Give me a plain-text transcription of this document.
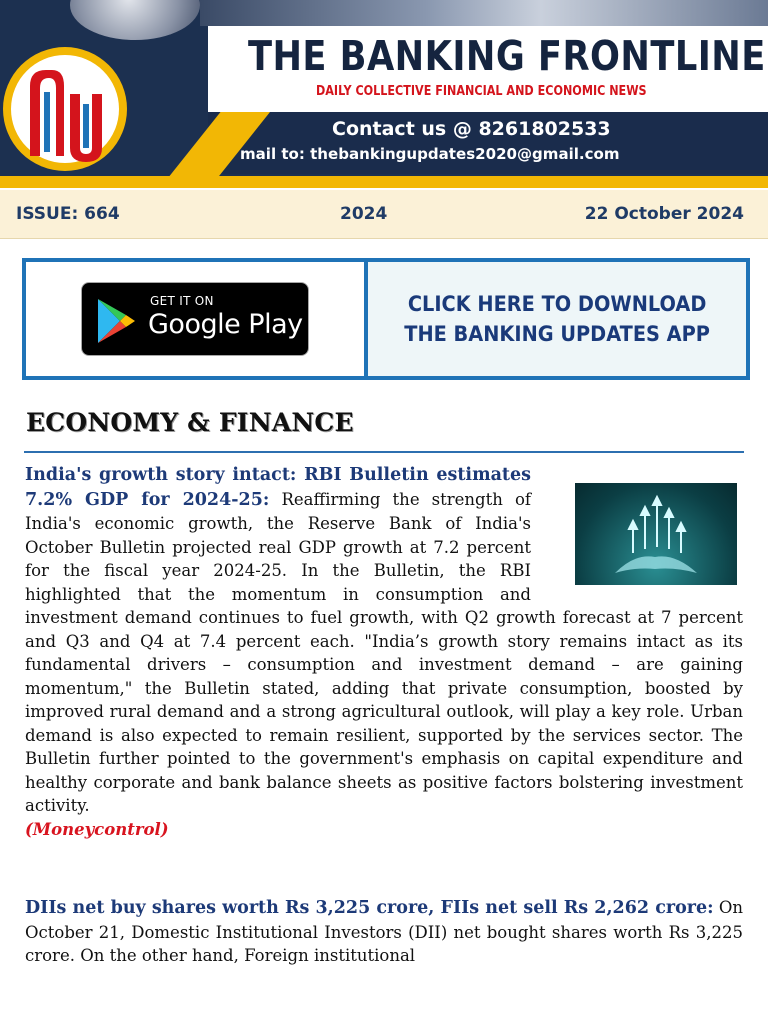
THE BANKING FRONTLINE
DAILY COLLECTIVE FINANCIAL AND ECONOMIC NEWS
Contact us @ 8261802533
mail to: thebankingupdates2020@gmail.com
ISSUE: 664	2024	22 October 2024
GET IT ON
Google Play
CLICK HERE TO DOWNLOAD
THE BANKING UPDATES APP
ECONOMY & FINANCE
India's growth story intact: RBI Bulletin estimates 7.2% GDP for 2024-25: Reaffirming the strength of India's economic growth, the Reserve Bank of India's October Bulletin projected real GDP growth at 7.2 percent for the fiscal year 2024-25. In the Bulletin, the RBI highlighted that the momentum in consumption and investment demand continues to fuel growth, with Q2 growth forecast at 7 percent and Q3 and Q4 at 7.4 percent each. "India’s growth story remains intact as its fundamental drivers – consumption and investment demand – are gaining momentum," the Bulletin stated, adding that private consumption, boosted by improved rural demand and a strong agricultural outlook, will play a key role. Urban demand is also expected to remain resilient, supported by the services sector. The Bulletin further pointed to the government's emphasis on capital expenditure and healthy corporate and bank balance sheets as positive factors bolstering investment activity.
(Moneycontrol)
DIIs net buy shares worth Rs 3,225 crore, FIIs net sell Rs 2,262 crore: On October 21, Domestic Institutional Investors (DII) net bought shares worth Rs 3,225 crore. On the other hand, Foreign institutional
